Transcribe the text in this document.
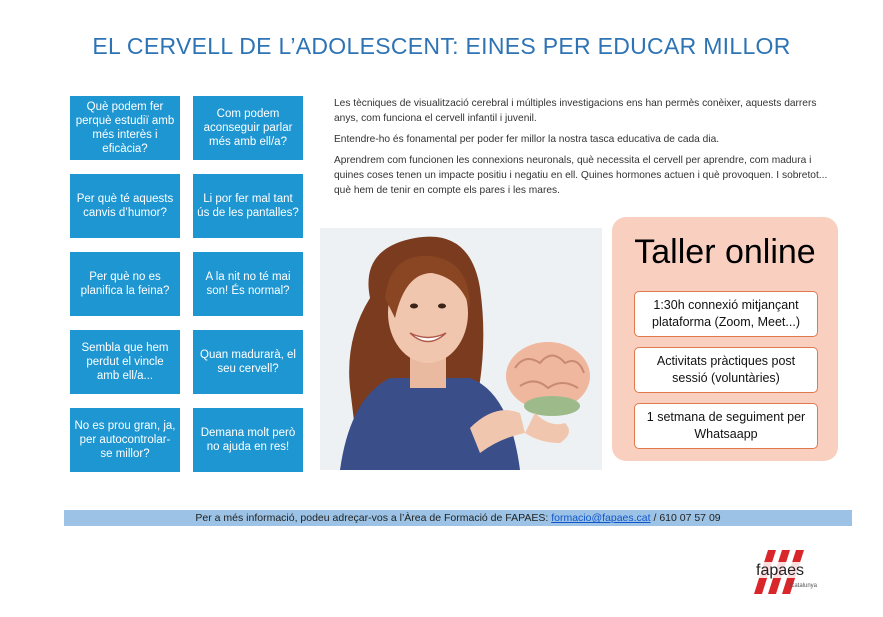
EL CERVELL DE L’ADOLESCENT: EINES PER EDUCAR MILLOR
Què podem fer perquè estudiï amb més interès i eficàcia?
Com podem aconseguir parlar més amb ell/a?
Per què té aquests canvis d’humor?
Li por fer mal tant ús de les pantalles?
Per què no es planifica la feina?
A la nit no té mai son! És normal?
Sembla que hem perdut el vincle amb ell/a...
Quan madurarà, el seu cervell?
No es prou gran, ja, per autocontrolar-se millor?
Demana molt però no ajuda en res!

Les tècniques de visualització cerebral i múltiples investigacions ens han permès conèixer, aquests darrers anys, com funciona el cervell infantil i juvenil.

Entendre-ho és fonamental per poder fer millor la nostra tasca educativa de cada dia.

Aprendrem com funcionen les connexions neuronals, què necessita el cervell per aprendre, com madura i quines coses tenen un impacte positiu i negatiu en ell. Quines hormones actuen i què provoquen. I sobretot... què hem de tenir en compte els pares i les mares.

Taller online
1:30h connexió mitjançant plataforma (Zoom, Meet...)
Activitats pràctiques post sessió (voluntàries)
1 setmana de seguiment per Whatsaapp
Per a més informació, podeu adreçar-vos a l’Àrea de Formació de FAPAES: formacio@fapaes.cat / 610 07 57 09
fapaes
Catalunya
